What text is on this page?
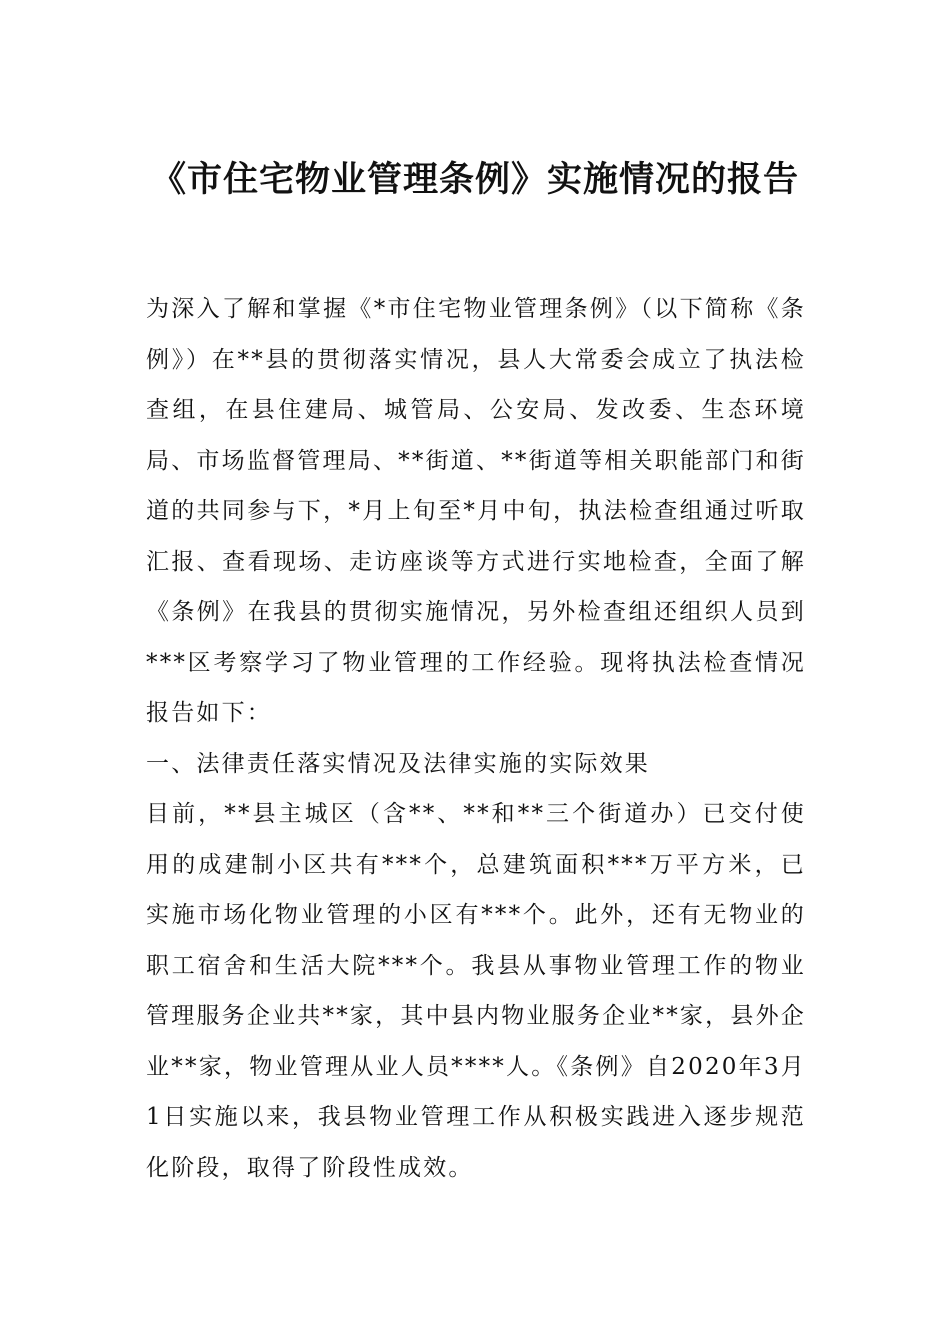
《市住宅物业管理条例》实施情况的报告

为深入了解和掌握《*市住宅物业管理条例》（以下简称《条例》）在**县的贯彻落实情况，县人大常委会成立了执法检查组，在县住建局、城管局、公安局、发改委、生态环境局、市场监督管理局、**街道、**街道等相关职能部门和街道的共同参与下，*月上旬至*月中旬，执法检查组通过听取汇报、查看现场、走访座谈等方式进行实地检查，全面了解《条例》在我县的贯彻实施情况，另外检查组还组织人员到***区考察学习了物业管理的工作经验。现将执法检查情况报告如下：

一、法律责任落实情况及法律实施的实际效果

目前，**县主城区（含**、**和**三个街道办）已交付使用的成建制小区共有***个，总建筑面积***万平方米，已实施市场化物业管理的小区有***个。此外，还有无物业的职工宿舍和生活大院***个。我县从事物业管理工作的物业管理服务企业共**家，其中县内物业服务企业**家，县外企业**家，物业管理从业人员****人。《条例》自2020年3月1日实施以来，我县物业管理工作从积极实践进入逐步规范化阶段，取得了阶段性成效。
